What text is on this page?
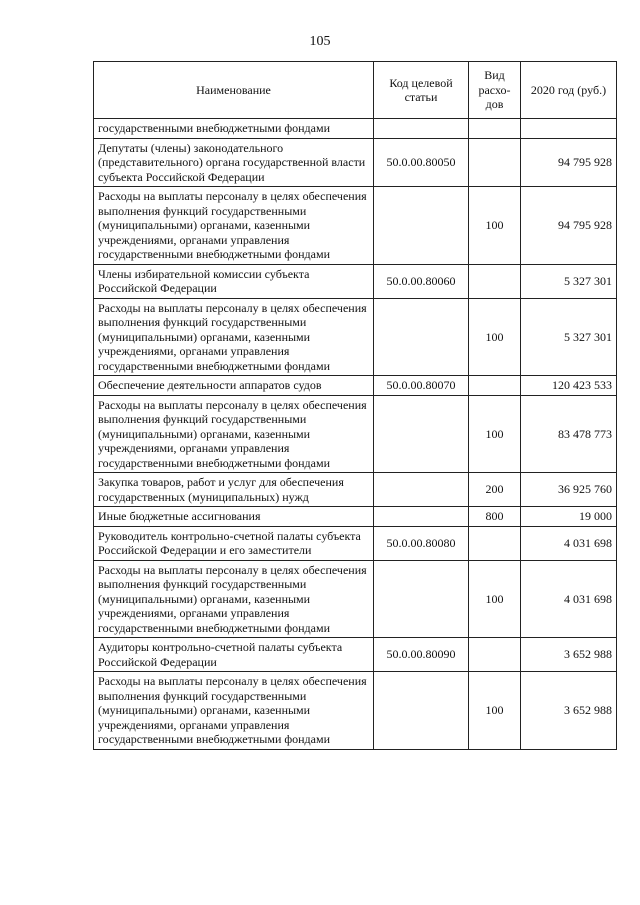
105
Наименование	Код целевой статьи	Вид расхо-дов	2020 год (руб.)
государственными внебюджетными фондами			
Депутаты (члены) законодательного (представительного) органа государственной власти субъекта Российской Федерации	50.0.00.80050		94 795 928
Расходы на выплаты персоналу в целях обеспечения выполнения функций государственными (муниципальными) органами, казенными учреждениями, органами управления государственными внебюджетными фондами		100	94 795 928
Члены избирательной комиссии субъекта Российской Федерации	50.0.00.80060		5 327 301
Расходы на выплаты персоналу в целях обеспечения выполнения функций государственными (муниципальными) органами, казенными учреждениями, органами управления государственными внебюджетными фондами		100	5 327 301
Обеспечение деятельности аппаратов судов	50.0.00.80070		120 423 533
Расходы на выплаты персоналу в целях обеспечения выполнения функций государственными (муниципальными) органами, казенными учреждениями, органами управления государственными внебюджетными фондами		100	83 478 773
Закупка товаров, работ и услуг для обеспечения государственных (муниципальных) нужд		200	36 925 760
Иные бюджетные ассигнования		800	19 000
Руководитель контрольно-счетной палаты субъекта Российской Федерации и его заместители	50.0.00.80080		4 031 698
Расходы на выплаты персоналу в целях обеспечения выполнения функций государственными (муниципальными) органами, казенными учреждениями, органами управления государственными внебюджетными фондами		100	4 031 698
Аудиторы контрольно-счетной палаты субъекта Российской Федерации	50.0.00.80090		3 652 988
Расходы на выплаты персоналу в целях обеспечения выполнения функций государственными (муниципальными) органами, казенными учреждениями, органами управления государственными внебюджетными фондами		100	3 652 988
